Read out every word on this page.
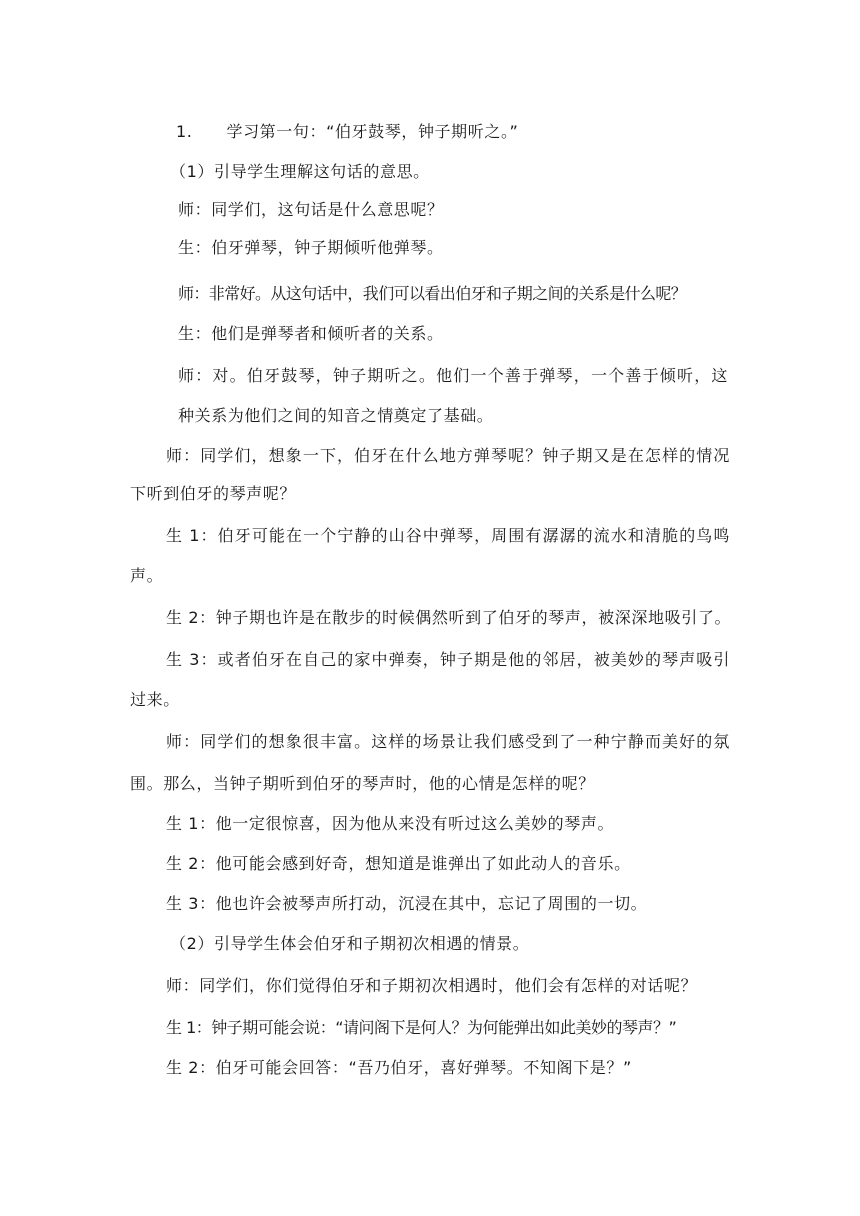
1. 学习第一句：“伯牙鼓琴，钟子期听之。”
（1）引导学生理解这句话的意思。
师：同学们，这句话是什么意思呢？
生：伯牙弹琴，钟子期倾听他弹琴。
师：非常好。从这句话中，我们可以看出伯牙和子期之间的关系是什么呢？
生：他们是弹琴者和倾听者的关系。
师：对。伯牙鼓琴，钟子期听之。他们一个善于弹琴，一个善于倾听，这
种关系为他们之间的知音之情奠定了基础。
师：同学们，想象一下，伯牙在什么地方弹琴呢？钟子期又是在怎样的情况
下听到伯牙的琴声呢？
生 1：伯牙可能在一个宁静的山谷中弹琴，周围有潺潺的流水和清脆的鸟鸣
声。
生 2：钟子期也许是在散步的时候偶然听到了伯牙的琴声，被深深地吸引了。
生 3：或者伯牙在自己的家中弹奏，钟子期是他的邻居，被美妙的琴声吸引
过来。
师：同学们的想象很丰富。这样的场景让我们感受到了一种宁静而美好的氛
围。那么，当钟子期听到伯牙的琴声时，他的心情是怎样的呢？
生 1：他一定很惊喜，因为他从来没有听过这么美妙的琴声。
生 2：他可能会感到好奇，想知道是谁弹出了如此动人的音乐。
生 3：他也许会被琴声所打动，沉浸在其中，忘记了周围的一切。
（2）引导学生体会伯牙和子期初次相遇的情景。
师：同学们，你们觉得伯牙和子期初次相遇时，他们会有怎样的对话呢？
生 1：钟子期可能会说：“请问阁下是何人？为何能弹出如此美妙的琴声？”
生 2：伯牙可能会回答：“吾乃伯牙，喜好弹琴。不知阁下是？”
